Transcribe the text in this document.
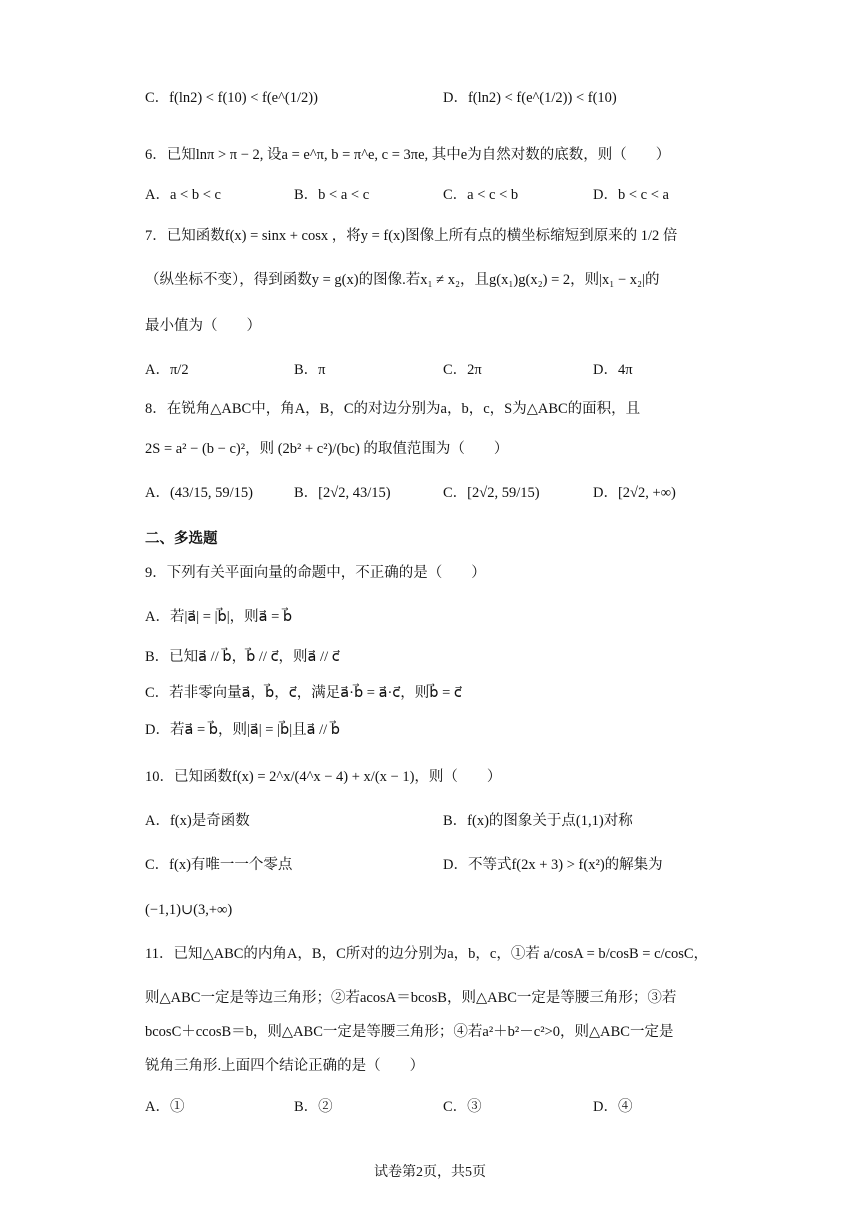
C．f(ln2) < f(10) < f(e^(1/2))	D．f(ln2) < f(e^(1/2)) < f(10)
6．已知lnπ > π − 2, 设a = e^π, b = π^e, c = 3πe, 其中e为自然对数的底数，则（　　）
A．a < b < c	B．b < a < c	C．a < c < b	D．b < c < a
7．已知函数f(x) = sinx + cosx ，将y = f(x)图像上所有点的横坐标缩短到原来的 1/2 倍
（纵坐标不变），得到函数y = g(x)的图像.若x₁ ≠ x₂，且g(x₁)g(x₂) = 2，则|x₁ − x₂|的
最小值为（　　）
A．π/2	B．π	C．2π	D．4π
8．在锐角△ABC中，角A，B，C的对边分别为a，b，c，S为△ABC的面积，且
2S = a² − (b − c)²，则 (2b² + c²)/(bc) 的取值范围为（　　）
A．(43/15, 59/15)	B．[2√2, 43/15)	C．[2√2, 59/15)	D．[2√2, +∞)
二、多选题
9．下列有关平面向量的命题中，不正确的是（　　）
A．若|a⃗| = |b⃗|，则a⃗ = b⃗
B．已知a⃗ // b⃗，b⃗ // c⃗，则a⃗ // c⃗
C．若非零向量a⃗，b⃗，c⃗，满足a⃗·b⃗ = a⃗·c⃗，则b⃗ = c⃗
D．若a⃗ = b⃗，则|a⃗| = |b⃗|且a⃗ // b⃗
10．已知函数f(x) = 2^x/(4^x − 4) + x/(x − 1)，则（　　）
A．f(x)是奇函数	B．f(x)的图象关于点(1,1)对称
C．f(x)有唯一一个零点	D．不等式f(2x + 3) > f(x²)的解集为
(−1,1)∪(3,+∞)
11．已知△ABC的内角A，B，C所对的边分别为a，b，c，①若 a/cosA = b/cosB = c/cosC，
则△ABC一定是等边三角形；②若acosA＝bcosB，则△ABC一定是等腰三角形；③若
bcosC＋ccosB＝b，则△ABC一定是等腰三角形；④若a²＋b²－c²>0，则△ABC一定是
锐角三角形.上面四个结论正确的是（　　）
A．①	B．②	C．③	D．④
试卷第2页，共5页
